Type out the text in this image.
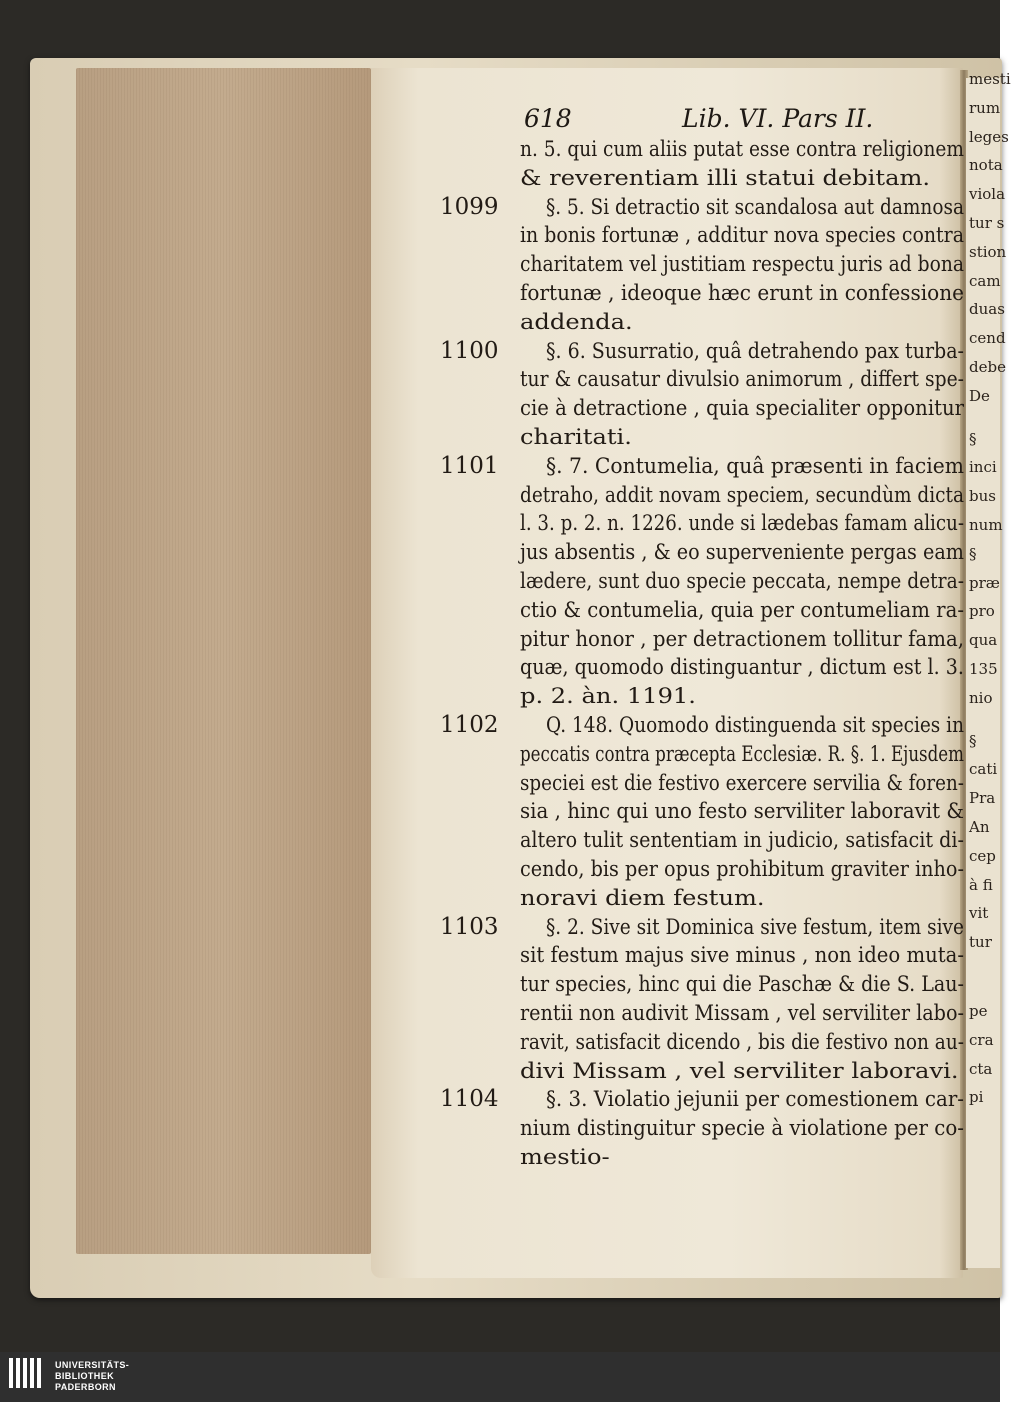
mesti
rum
leges
nota
viola
tur s
stion
cam
duas
cend
debe
De
§
inci
bus
num
§
præ
pro
qua
135
nio
§
cati
Pra
An
cep
à fi
vit
tur
pe
cra
cta
pi
618	Lib. VI. Pars II.
n. 5. qui cum aliis putat esse contra religionem
& reverentiam illi statui debitam.
1099 §. 5. Si detractio sit scandalosa aut damnosa
in bonis fortunæ , additur nova species contra
charitatem vel justitiam respectu juris ad bona
fortunæ , ideoque hæc erunt in confessione
addenda.
1100 §. 6. Susurratio, quâ detrahendo pax turba-
tur & causatur divulsio animorum , differt spe-
cie à detractione , quia specialiter opponitur
charitati.
1101 §. 7. Contumelia, quâ præsenti in faciem
detraho, addit novam speciem, secundùm dicta
l. 3. p. 2. n. 1226. unde si lædebas famam alicu-
jus absentis , & eo superveniente pergas eam
lædere, sunt duo specie peccata, nempe detra-
ctio & contumelia, quia per contumeliam ra-
pitur honor , per detractionem tollitur fama,
quæ, quomodo distinguantur , dictum est l. 3.
p. 2. àn. 1191.
1102 Q. 148. Quomodo distinguenda sit species in
peccatis contra præcepta Ecclesiæ. R. §. 1. Ejusdem
speciei est die festivo exercere servilia & foren-
sia , hinc qui uno festo serviliter laboravit &
altero tulit sententiam in judicio, satisfacit di-
cendo, bis per opus prohibitum graviter inho-
noravi diem festum.
1103 §. 2. Sive sit Dominica sive festum, item sive
sit festum majus sive minus , non ideo muta-
tur species, hinc qui die Paschæ & die S. Lau-
rentii non audivit Missam , vel serviliter labo-
ravit, satisfacit dicendo , bis die festivo non au-
divi Missam , vel serviliter laboravi.
1104 §. 3. Violatio jejunii per comestionem car-
nium distinguitur specie à violatione per co-
mestio-
UNIVERSITÄTS-
BIBLIOTHEK
PADERBORN
